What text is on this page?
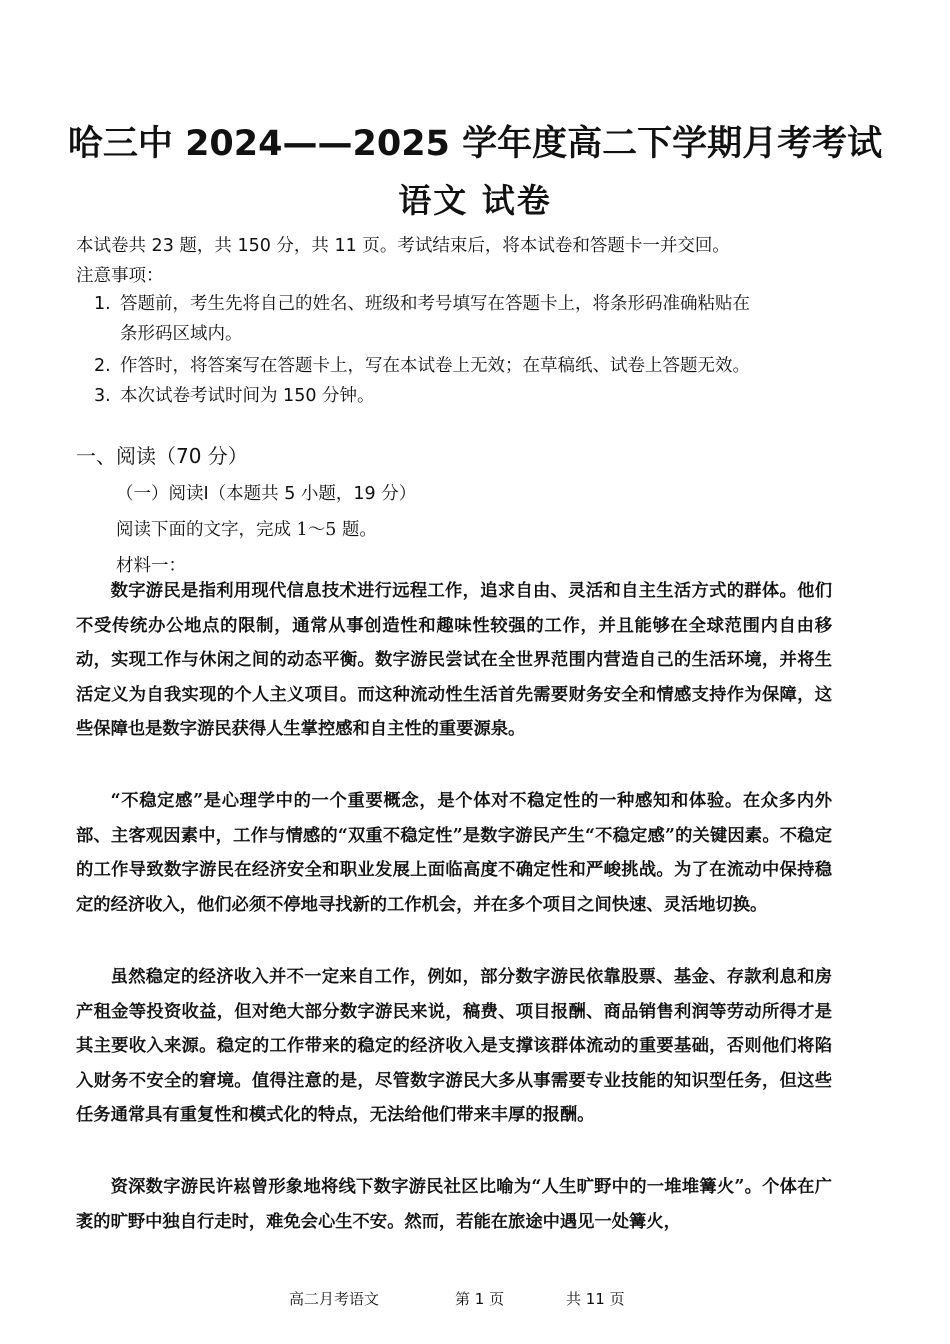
哈三中 2024——2025 学年度高二下学期月考考试
语文 试卷
本试卷共 23 题，共 150 分，共 11 页。考试结束后，将本试卷和答题卡一并交回。
注意事项：
1. 答题前，考生先将自己的姓名、班级和考号填写在答题卡上，将条形码准确粘贴在
条形码区域内。
2. 作答时，将答案写在答题卡上，写在本试卷上无效；在草稿纸、试卷上答题无效。
3. 本次试卷考试时间为 150 分钟。
一、阅读（70 分）
（一）阅读Ⅰ（本题共 5 小题，19 分）
阅读下面的文字，完成 1～5 题。
材料一：

数字游民是指利用现代信息技术进行远程工作，追求自由、灵活和自主生活方式的群体。他们不受传统办公地点的限制，通常从事创造性和趣味性较强的工作，并且能够在全球范围内自由移动，实现工作与休闲之间的动态平衡。数字游民尝试在全世界范围内营造自己的生活环境，并将生活定义为自我实现的个人主义项目。而这种流动性生活首先需要财务安全和情感支持作为保障，这些保障也是数字游民获得人生掌控感和自主性的重要源泉。

“不稳定感”是心理学中的一个重要概念，是个体对不稳定性的一种感知和体验。在众多内外部、主客观因素中，工作与情感的“双重不稳定性”是数字游民产生“不稳定感”的关键因素。不稳定的工作导致数字游民在经济安全和职业发展上面临高度不确定性和严峻挑战。为了在流动中保持稳定的经济收入，他们必须不停地寻找新的工作机会，并在多个项目之间快速、灵活地切换。

虽然稳定的经济收入并不一定来自工作，例如，部分数字游民依靠股票、基金、存款利息和房产租金等投资收益，但对绝大部分数字游民来说，稿费、项目报酬、商品销售利润等劳动所得才是其主要收入来源。稳定的工作带来的稳定的经济收入是支撑该群体流动的重要基础，否则他们将陷入财务不安全的窘境。值得注意的是，尽管数字游民大多从事需要专业技能的知识型任务，但这些任务通常具有重复性和模式化的特点，无法给他们带来丰厚的报酬。

资深数字游民许崧曾形象地将线下数字游民社区比喻为“人生旷野中的一堆堆篝火”。个体在广袤的旷野中独自行走时，难免会心生不安。然而，若能在旅途中遇见一处篝火，

高二月考语文	第 1 页	共 11 页
